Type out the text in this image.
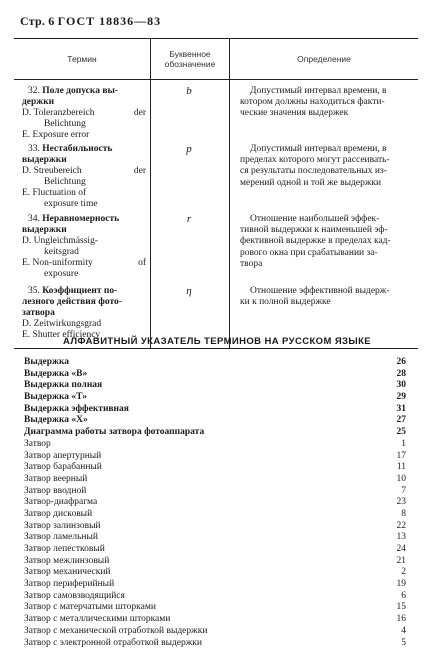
Стр. 6 ГОСТ 18836—83
Термин
Буквенное обозначение
Определение
32. Поле допуска вы-
держки
D. Toleranzbereich	der
Belichtung
E. Exposure error
b	Допустимый интервал времени, в
котором должны находиться факти-
ческие значения выдержек
33. Нестабильность
выдержки
D. Streubereich	der
Belichtung
E. Fluctuation of
exposure time
p	Допустимый интервал времени, в
пределах которого могут рассеивать-
ся результаты последовательных из-
мерений одной и той же выдержки
34. Неравномерность
выдержки
D. Ungleichmässig-
keitsgrad
E. Non-uniformity	of
exposure
r	Отношение наибольшей эффек-
тивной выдержки к наименьшей эф-
фективной выдержке в пределах кад-
рового окна при срабатывании за-
твора
35. Коэффициент по-
лезного действия фото-
затвора
D. Zeitwirkungsgrad
E. Shutter efficiency
η	Отношение эффективной выдерж-
ки к полной выдержке
АЛФАВИТНЫЙ УКАЗАТЕЛЬ ТЕРМИНОВ НА РУССКОМ ЯЗЫКЕ
Выдержка	26
Выдержка «В»	28
Выдержка полная	30
Выдержка «Т»	29
Выдержка эффективная	31
Выдержка «Х»	27
Диаграмма работы затвора фотоаппарата	25
Затвор	1
Затвор апертурный	17
Затвор барабанный	11
Затвор веерный	10
Затвор вводной	7
Затвор-диафрагма	23
Затвор дисковый	8
Затвор залинзовый	22
Затвор ламельный	13
Затвор лепестковый	24
Затвор межлинзовый	21
Затвор механический	2
Затвор периферийный	19
Затвор самовзводящийся	6
Затвор с матерчатыми шторками	15
Затвор с металлическими шторками	16
Затвор с механической отработкой выдержки	4
Затвор с электронной отработкой выдержки	5
